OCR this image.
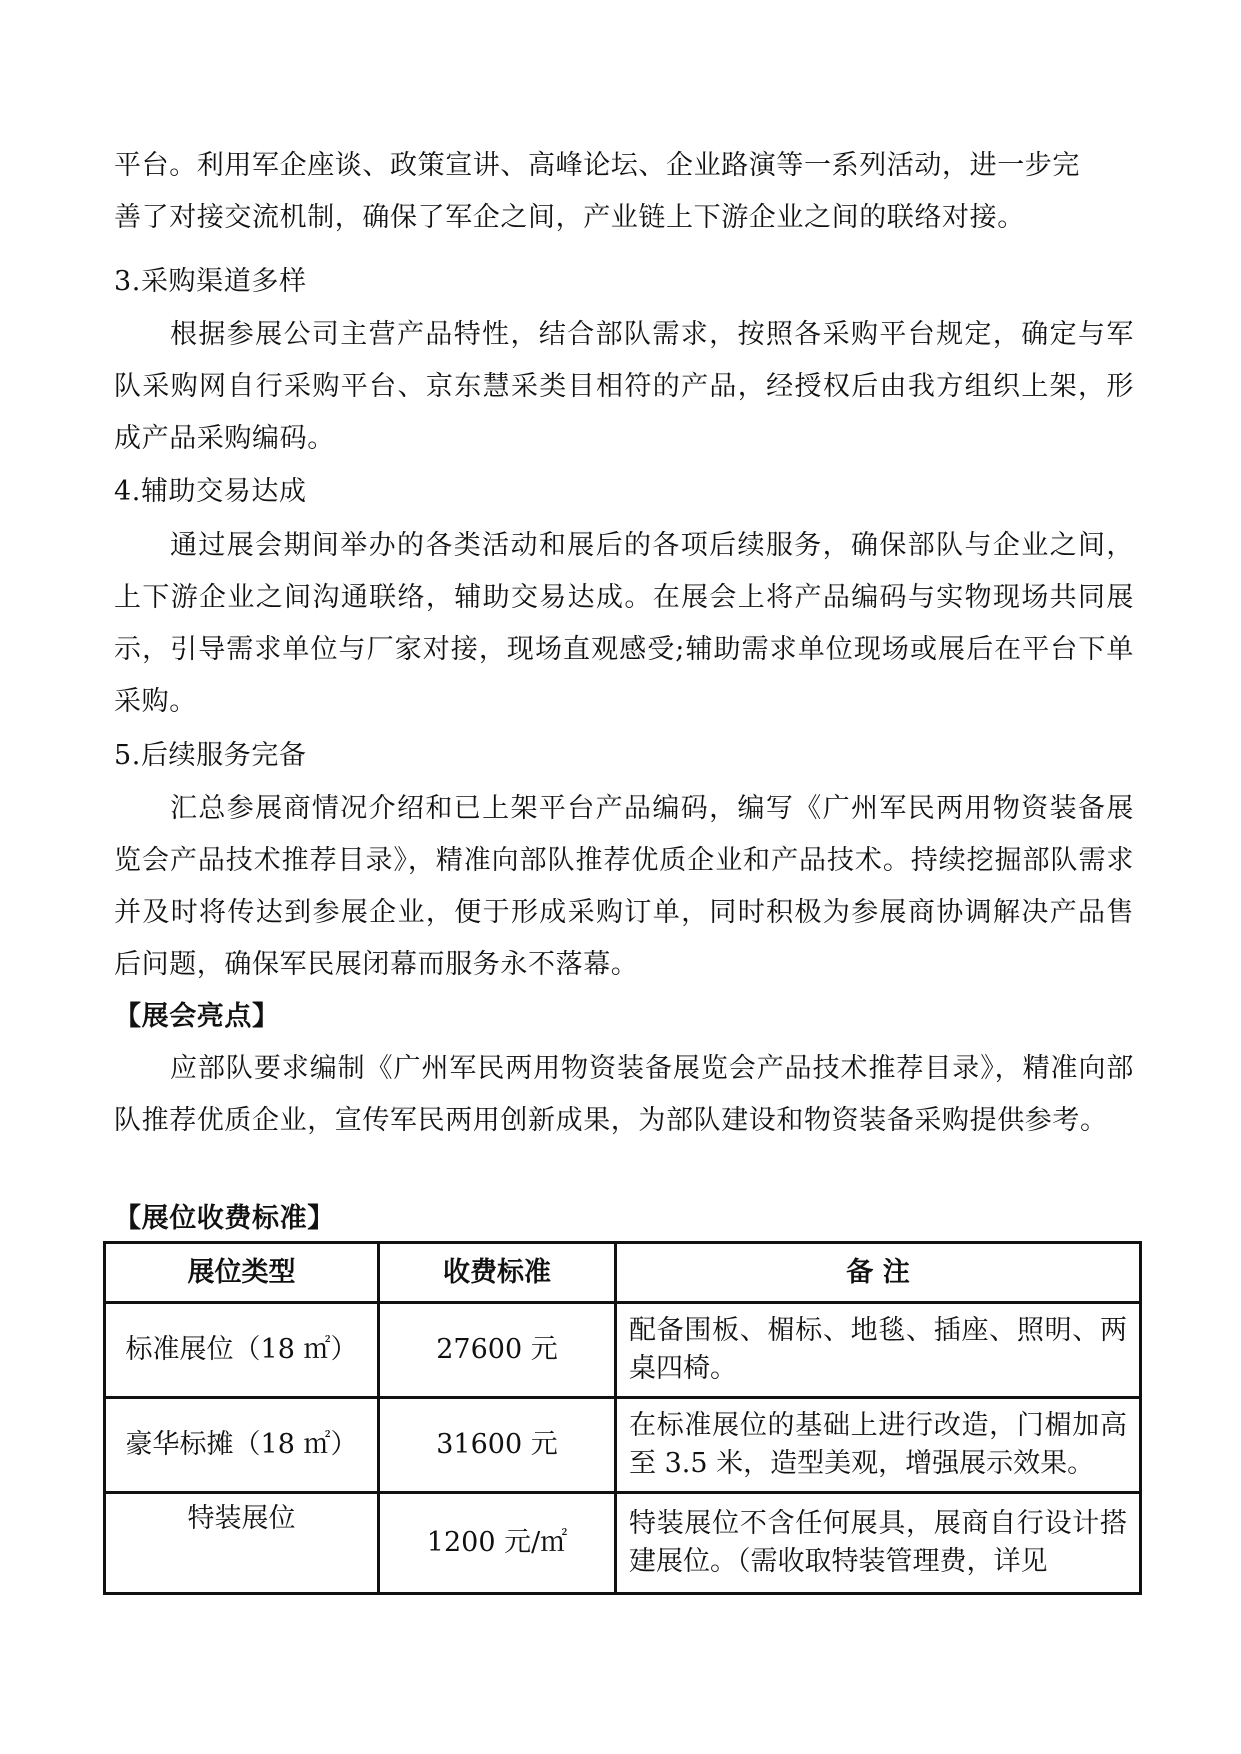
平台。利用军企座谈、政策宣讲、高峰论坛、企业路演等一系列活动，进一步完

善了对接交流机制，确保了军企之间，产业链上下游企业之间的联络对接。

3.采购渠道多样

根据参展公司主营产品特性，结合部队需求，按照各采购平台规定，确定与军队采购网自行采购平台、京东慧采类目相符的产品，经授权后由我方组织上架，形成产品采购编码。

4.辅助交易达成

通过展会期间举办的各类活动和展后的各项后续服务，确保部队与企业之间，上下游企业之间沟通联络，辅助交易达成。在展会上将产品编码与实物现场共同展示，引导需求单位与厂家对接，现场直观感受;辅助需求单位现场或展后在平台下单采购。

5.后续服务完备

汇总参展商情况介绍和已上架平台产品编码，编写《广州军民两用物资装备展览会产品技术推荐目录》，精准向部队推荐优质企业和产品技术。持续挖掘部队需求并及时将传达到参展企业，便于形成采购订单，同时积极为参展商协调解决产品售后问题，确保军民展闭幕而服务永不落幕。

【展会亮点】

应部队要求编制《广州军民两用物资装备展览会产品技术推荐目录》，精准向部队推荐优质企业，宣传军民两用创新成果，为部队建设和物资装备采购提供参考。

【展位收费标准】

展位类型	收费标准	备 注
标准展位（18 ㎡）	27600 元	配备围板、楣标、地毯、插座、照明、两桌四椅。
豪华标摊（18 ㎡）	31600 元	在标准展位的基础上进行改造，门楣加高至 3.5 米，造型美观，增强展示效果。
特装展位	1200 元/㎡	特装展位不含任何展具，展商自行设计搭建展位。（需收取特装管理费，详见
